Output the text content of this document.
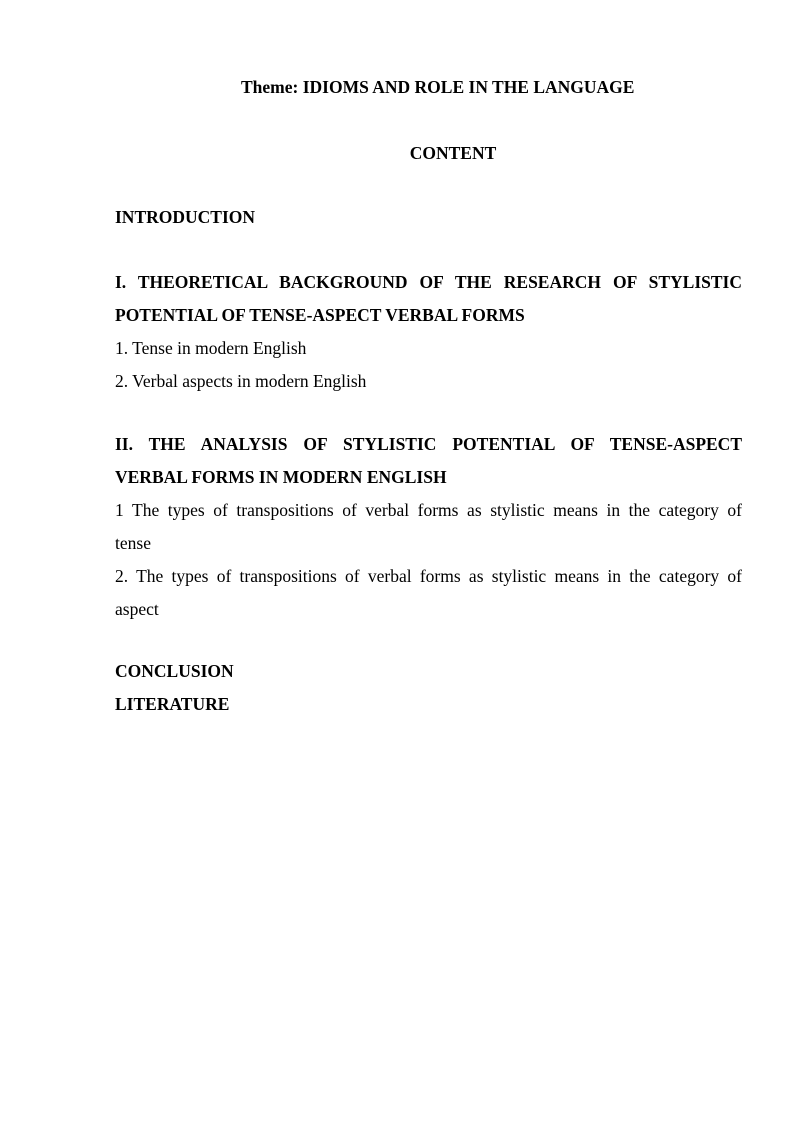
Theme: IDIOMS AND ROLE IN THE LANGUAGE

CONTENT

INTRODUCTION

I. THEORETICAL BACKGROUND OF THE RESEARCH OF STYLISTIC

POTENTIAL OF TENSE-ASPECT VERBAL FORMS

1. Tense in modern English

2. Verbal aspects in modern English

II. THE ANALYSIS OF STYLISTIC POTENTIAL OF TENSE-ASPECT

VERBAL FORMS IN MODERN ENGLISH

1 The types of transpositions of verbal forms as stylistic means in the category of

tense

2. The types of transpositions of verbal forms as stylistic means in the category of

aspect

CONCLUSION

LITERATURE
